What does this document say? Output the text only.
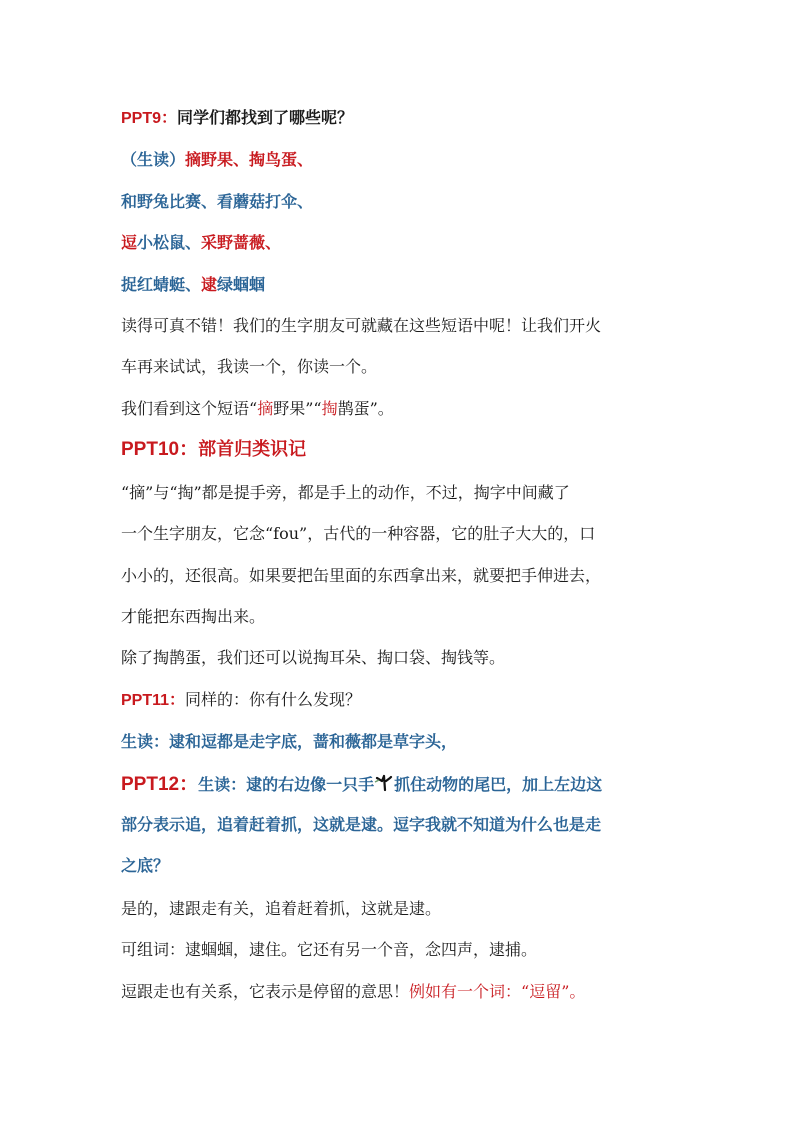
PPT9：同学们都找到了哪些呢？
（生读）摘野果、掏鸟蛋、
和野兔比赛、看蘑菇打伞、
逗小松鼠、采野蔷薇、
捉红蜻蜓、逮绿蝈蝈
读得可真不错！我们的生字朋友可就藏在这些短语中呢！让我们开火
车再来试试，我读一个，你读一个。
我们看到这个短语“摘野果”“掏鹊蛋”。
PPT10：部首归类识记
“摘”与“掏”都是提手旁，都是手上的动作，不过，掏字中间藏了
一个生字朋友，它念“fou”，古代的一种容器，它的肚子大大的，口
小小的，还很高。如果要把缶里面的东西拿出来，就要把手伸进去，
才能把东西掏出来。
除了掏鹊蛋，我们还可以说掏耳朵、掏口袋、掏钱等。
PPT11：同样的：你有什么发现？
生读：逮和逗都是走字底，蔷和薇都是草字头，
PPT12：生读：逮的右边像一只手 抓住动物的尾巴，加上左边这
部分表示追，追着赶着抓，这就是逮。逗字我就不知道为什么也是走
之底？
是的，逮跟走有关，追着赶着抓，这就是逮。
可组词：逮蝈蝈，逮住。它还有另一个音，念四声，逮捕。
逗跟走也有关系，它表示是停留的意思！例如有一个词：“逗留”。
